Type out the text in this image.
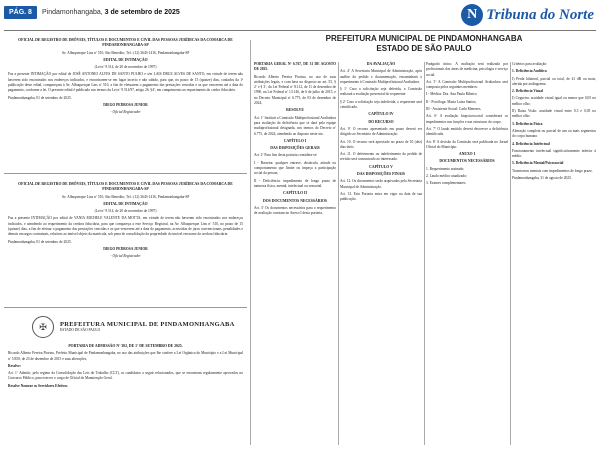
PÁG. 8	Pindamonhangaba, 3 de setembro de 2025	N Tribuna do Norte

OFICIAL DE REGISTRO DE IMÓVEIS, TÍTULOS E DOCUMENTOS E CIVIL DAS PESSOAS JURÍDICAS DA COMARCA DE PINDAMONHANGABA-SP

Av. Albuquerque Lins nº 510, São Benedito, Tel.: (12) 3643-1416, Pindamonhangaba-SP

EDITAL DE INTIMAÇÃO

(Lei nº 9.514, de 20 de novembro de 1997)

Faz a presente INTIMAÇÃO por edital de JOSÉ ANTONIO ALVES DE SANTO PULHO e s/m LAIS DRUZ ALVES DE SANTO, em virtude de terem não haverem sido encontrados nos endereços indicados, e encontrarem-se em lugar incerto e não sabido, para que, no prazo de 15 (quinze) dias, contados da 1ª publicação deste edital, compareçam à Av. Albuquerque Lins nº 510, a fim de efetuarem o pagamento das prestações vencidas e as que vencerem até a data do pagamento, conforme a lei. O presente edital é publicado nos termos da Lei nº 9.514/97, artigo 26, §4º, em cumprimento ao requerimento do credor fiduciário.

Pindamonhangaba, 01 de setembro de 2025.

DIEGO PEDROSA JUNIOR

- Oficial Registrador

OFICIAL DE REGISTRO DE IMÓVEIS, TÍTULOS E DOCUMENTOS E CIVIL DAS PESSOAS JURÍDICAS DA COMARCA DE PINDAMONHANGABA-SP

Av. Albuquerque Lins nº 510, São Benedito, Tel.: (12) 3643-1416, Pindamonhangaba-SP

EDITAL DE INTIMAÇÃO

(Lei nº 9.514, de 20 de novembro de 1997)

Faz a presente INTIMAÇÃO por edital de VANIA MICHELE VALENTE DA MOTTA, em virtude de terem não haverem sido encontrados nos endereços indicados, e atendendo ao requerimento da credora fiduciária, para que compareça a este Serviço Registral, na Av. Albuquerque Lins nº 510, no prazo de 15 (quinze) dias, a fim de efetuar o pagamento das prestações vencidas e as que vencerem até a data do pagamento, acrescidas de juros convencionais, penalidades e demais encargos contratuais, relativas ao imóvel objeto da matrícula, sob pena de consolidação da propriedade do imóvel em nome da credora fiduciária.

Pindamonhangaba, 01 de setembro de 2025.

DIEGO PEDROSA JUNIOR

- Oficial Registrador

✠	PREFEITURA MUNICIPAL DE PINDAMONHANGABA
ESTADO DE SÃO PAULO

PORTARIA DE ADMISSÃO Nº 302, DE 1º DE SETEMBRO DE 2025.

Ricardo Alberto Pereira Piorino, Prefeito Municipal de Pindamonhangaba, no uso das atribuições que lhe confere a Lei Orgânica do Município e a Lei Municipal nº 5.850, de 23 de dezembro de 2015 e suas alterações,

Resolve:

Art. 1º Admitir, pelo regime da Consolidação das Leis do Trabalho (CLT), os candidatos a seguir relacionados, que se encontram regularmente aprovados no Concurso Público, para exercer o cargo de Oficial de Manutenção Geral.

Resolve Nomear os Servidores Efetivos

PREFEITURA MUNICIPAL DE PINDAMONHANGABA
ESTADO DE SÃO PAULO

PORTARIA GERAL Nº 6.767, DE 31 DE AGOSTO DE 2025.

Ricardo Alberto Pereira Piorino, no uso de suas atribuições legais, e com base no disposto no art. 55, § 2º e § 3º, da Lei Federal nº 8.112, de 11 de dezembro de 1990, na Lei Federal nº 13.146, de 6 de julho de 2015, e no Decreto Municipal nº 6.775, de 03 de dezembro de 2024,

RESOLVE

Art. 1º Instituir a Comissão Multiprofissional Avaliadora para avaliação da deficiência que se dará pela equipe multiprofissional designada, nos termos do Decreto nº 6.775, de 2024, atendendo ao disposto neste ato.

CAPÍTULO I

DAS DISPOSIÇÕES GERAIS

Art. 2º Para fins desta portaria considera-se:

I - Barreira: qualquer entrave, obstáculo, atitude ou comportamento que limite ou impeça a participação social da pessoa;

II - Deficiência: impedimento de longo prazo de natureza física, mental, intelectual ou sensorial.

CAPÍTULO II

DOS DOCUMENTOS NECESSÁRIOS

Art. 3º Os documentos necessários para o requerimento de avaliação constam no Anexo I desta portaria.

DA AVALIAÇÃO

Art. 4º A Secretaria Municipal de Administração, após análise do pedido e documentação, encaminhará o requerimento à Comissão Multiprofissional Avaliadora.

§ 1º Caso a solicitação seja deferida, a Comissão realizará a avaliação presencial do requerente.

§ 2º Caso a solicitação seja indeferida, o requerente será cientificado.

CAPÍTULO IV

DO RECURSO

Art. 9º O recurso apresentado em prazo deverá ser dirigido ao Secretário de Administração.

Art. 10. O recurso será apreciado no prazo de 10 (dez) dias úteis.

Art. 11. O deferimento ou indeferimento do pedido de revisão será comunicado ao interessado.

CAPÍTULO V

DAS DISPOSIÇÕES FINAIS

Art. 12. Os documentos serão arquivados pela Secretaria Municipal de Administração.

Art. 13. Esta Portaria entra em vigor na data de sua publicação.

Parágrafo único. A avaliação será realizada por profissionais das áreas de medicina, psicologia e serviço social.

Art. 5º A Comissão Multiprofissional Avaliadora será composta pelos seguintes membros:

I - Médica: Dra. Ana Paula Ribeiro;

II - Psicóloga: Maria Luiza Santos;

III - Assistente Social: Carla Menezes.

Art. 6º A avaliação biopsicossocial considerará os impedimentos nas funções e nas estruturas do corpo.

Art. 7º O laudo emitido deverá descrever a deficiência identificada.

Art. 8º A decisão da Comissão será publicada no Jornal Oficial do Município.

ANEXO I

DOCUMENTOS NECESSÁRIOS

1. Requerimento assinado;

2. Laudo médico atualizado;

3. Exames complementares.

Critérios para avaliação:

1. Deficiência Auditiva

I) Perda bilateral, parcial ou total, de 41 dB ou mais, aferida por audiograma.

2. Deficiência Visual

I) Cegueira: acuidade visual igual ou menor que 0,05 no melhor olho;

II) Baixa Visão: acuidade visual entre 0,3 e 0,05 no melhor olho.

3. Deficiência Física

Alteração completa ou parcial de um ou mais segmentos do corpo humano.

4. Deficiência Intelectual

Funcionamento intelectual significativamente inferior à média.

5. Deficiência Mental/Psicossocial

Transtornos mentais com impedimentos de longo prazo.

Pindamonhangaba, 31 de agosto de 2025.
